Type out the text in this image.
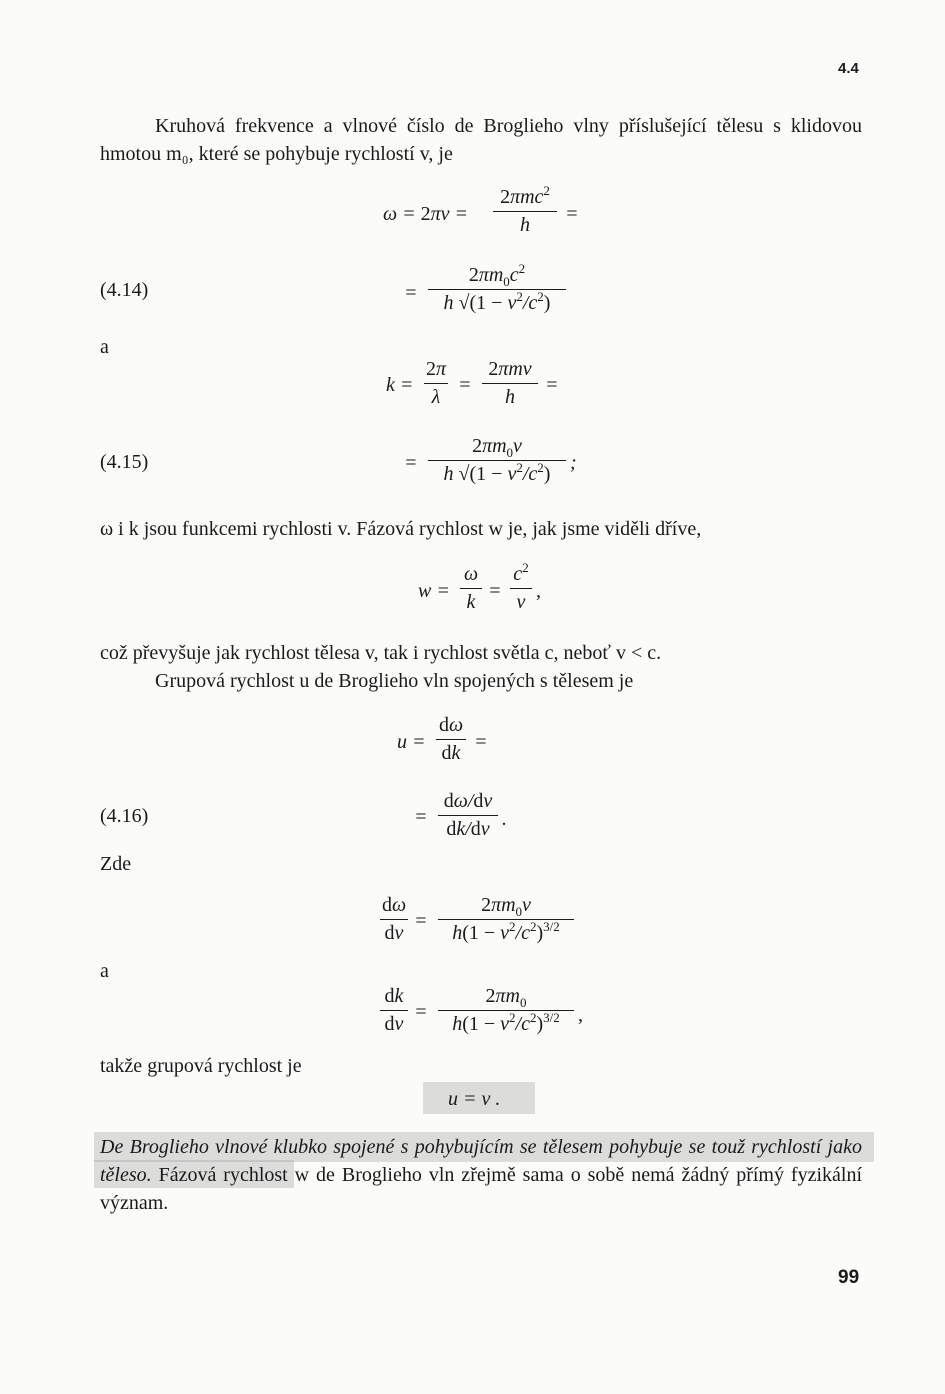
4.4

Kruhová frekvence a vlnové číslo de Broglieho vlny příslušející tělesu s klidovou hmotou m₀, které se pohybuje rychlostí v, je

ω = 2πν =
2πmc$^2$
h	=
(4.14)	=
$2\pi m_0c^2$
h $√(1 - v^2/c^2)$
a
k =
2π
λ
=
2πmv
h
=
(4.15)	=
$2\pi m_0v$
h $√(1 - v^2/c^2)$ ;

ω i k jsou funkcemi rychlosti v. Fázová rychlost w je, jak jsme viděli dříve,

w =
ω
k =
$c^2$
v ,

což převyšuje jak rychlost tělesa v, tak i rychlost světla c, neboť v < c.

Grupová rychlost u de Broglieho vln spojených s tělesem je

u =
dω
dk =
(4.16)	=
dω/dv
dk/dv .
Zde
dω
dv
=
$2\pi m_0v$
$h(1 - v^2/c^2)^{3/2}$
a
dk
dv
=
$2\pi m_0$
$h(1 - v^2/c^2)^{3/2}$ ,
takže grupová rychlost je
u = v .

De Broglieho vlnové klubko spojené s pohybujícím se tělesem pohybuje se touž rychlostí jako těleso. Fázová rychlost w de Broglieho vln zřejmě sama o sobě nemá žádný přímý fyzikální význam.

99
